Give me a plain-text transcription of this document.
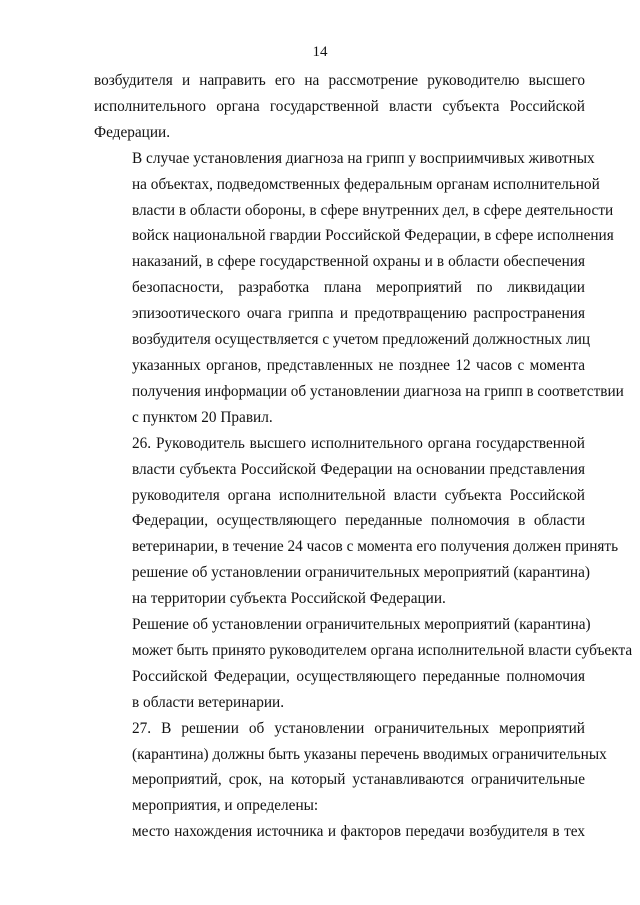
14

возбудителя и направить его на рассмотрение руководителю высшего
исполнительного органа государственной власти субъекта Российской
Федерации.

В случае установления диагноза на грипп у восприимчивых животных
на объектах, подведомственных федеральным органам исполнительной
власти в области обороны, в сфере внутренних дел, в сфере деятельности
войск национальной гвардии Российской Федерации, в сфере исполнения
наказаний, в сфере государственной охраны и в области обеспечения
безопасности, разработка плана мероприятий по ликвидации
эпизоотического очага гриппа и предотвращению распространения
возбудителя осуществляется с учетом предложений должностных лиц
указанных органов, представленных не позднее 12 часов с момента
получения информации об установлении диагноза на грипп в соответствии
с пунктом 20 Правил.

26. Руководитель высшего исполнительного органа государственной
власти субъекта Российской Федерации на основании представления
руководителя органа исполнительной власти субъекта Российской
Федерации, осуществляющего переданные полномочия в области
ветеринарии, в течение 24 часов с момента его получения должен принять
решение об установлении ограничительных мероприятий (карантина)
на территории субъекта Российской Федерации.

Решение об установлении ограничительных мероприятий (карантина)
может быть принято руководителем органа исполнительной власти субъекта
Российской Федерации, осуществляющего переданные полномочия
в области ветеринарии.

27. В решении об установлении ограничительных мероприятий
(карантина) должны быть указаны перечень вводимых ограничительных
мероприятий, срок, на который устанавливаются ограничительные
мероприятия, и определены:

место нахождения источника и факторов передачи возбудителя в тех
